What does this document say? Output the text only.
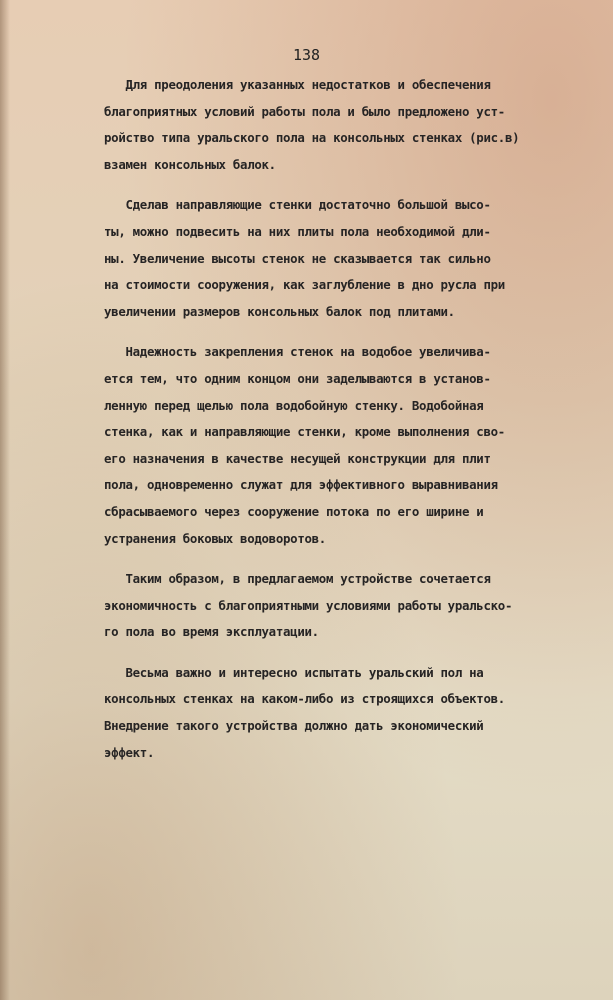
138
Для преодоления указанных недостатков и обеспечения
благоприятных условий работы пола и было предложено уст-
ройство типа уральского пола на консольных стенках (рис.в)
взамен консольных балок.
Сделав направляющие стенки достаточно большой высо-
ты, можно подвесить на них плиты пола необходимой дли-
ны. Увеличение высоты стенок не сказывается так сильно
на стоимости сооружения, как заглубление в дно русла при
увеличении размеров консольных балок под плитами.
Надежность закрепления стенок на водобое увеличива-
ется тем, что одним концом они заделываются в установ-
ленную перед щелью пола водобойную стенку. Водобойная
стенка, как и направляющие стенки, кроме выполнения сво-
его назначения в качестве несущей конструкции для плит
пола, одновременно служат для эффективного выравнивания
сбрасываемого через сооружение потока по его ширине и
устранения боковых водоворотов.
Таким образом, в предлагаемом устройстве сочетается
экономичность с благоприятными условиями работы уральско-
го пола во время эксплуатации.
Весьма важно и интересно испытать уральский пол на
консольных стенках на каком-либо из строящихся объектов.
Внедрение такого устройства должно дать экономический
эффект.
